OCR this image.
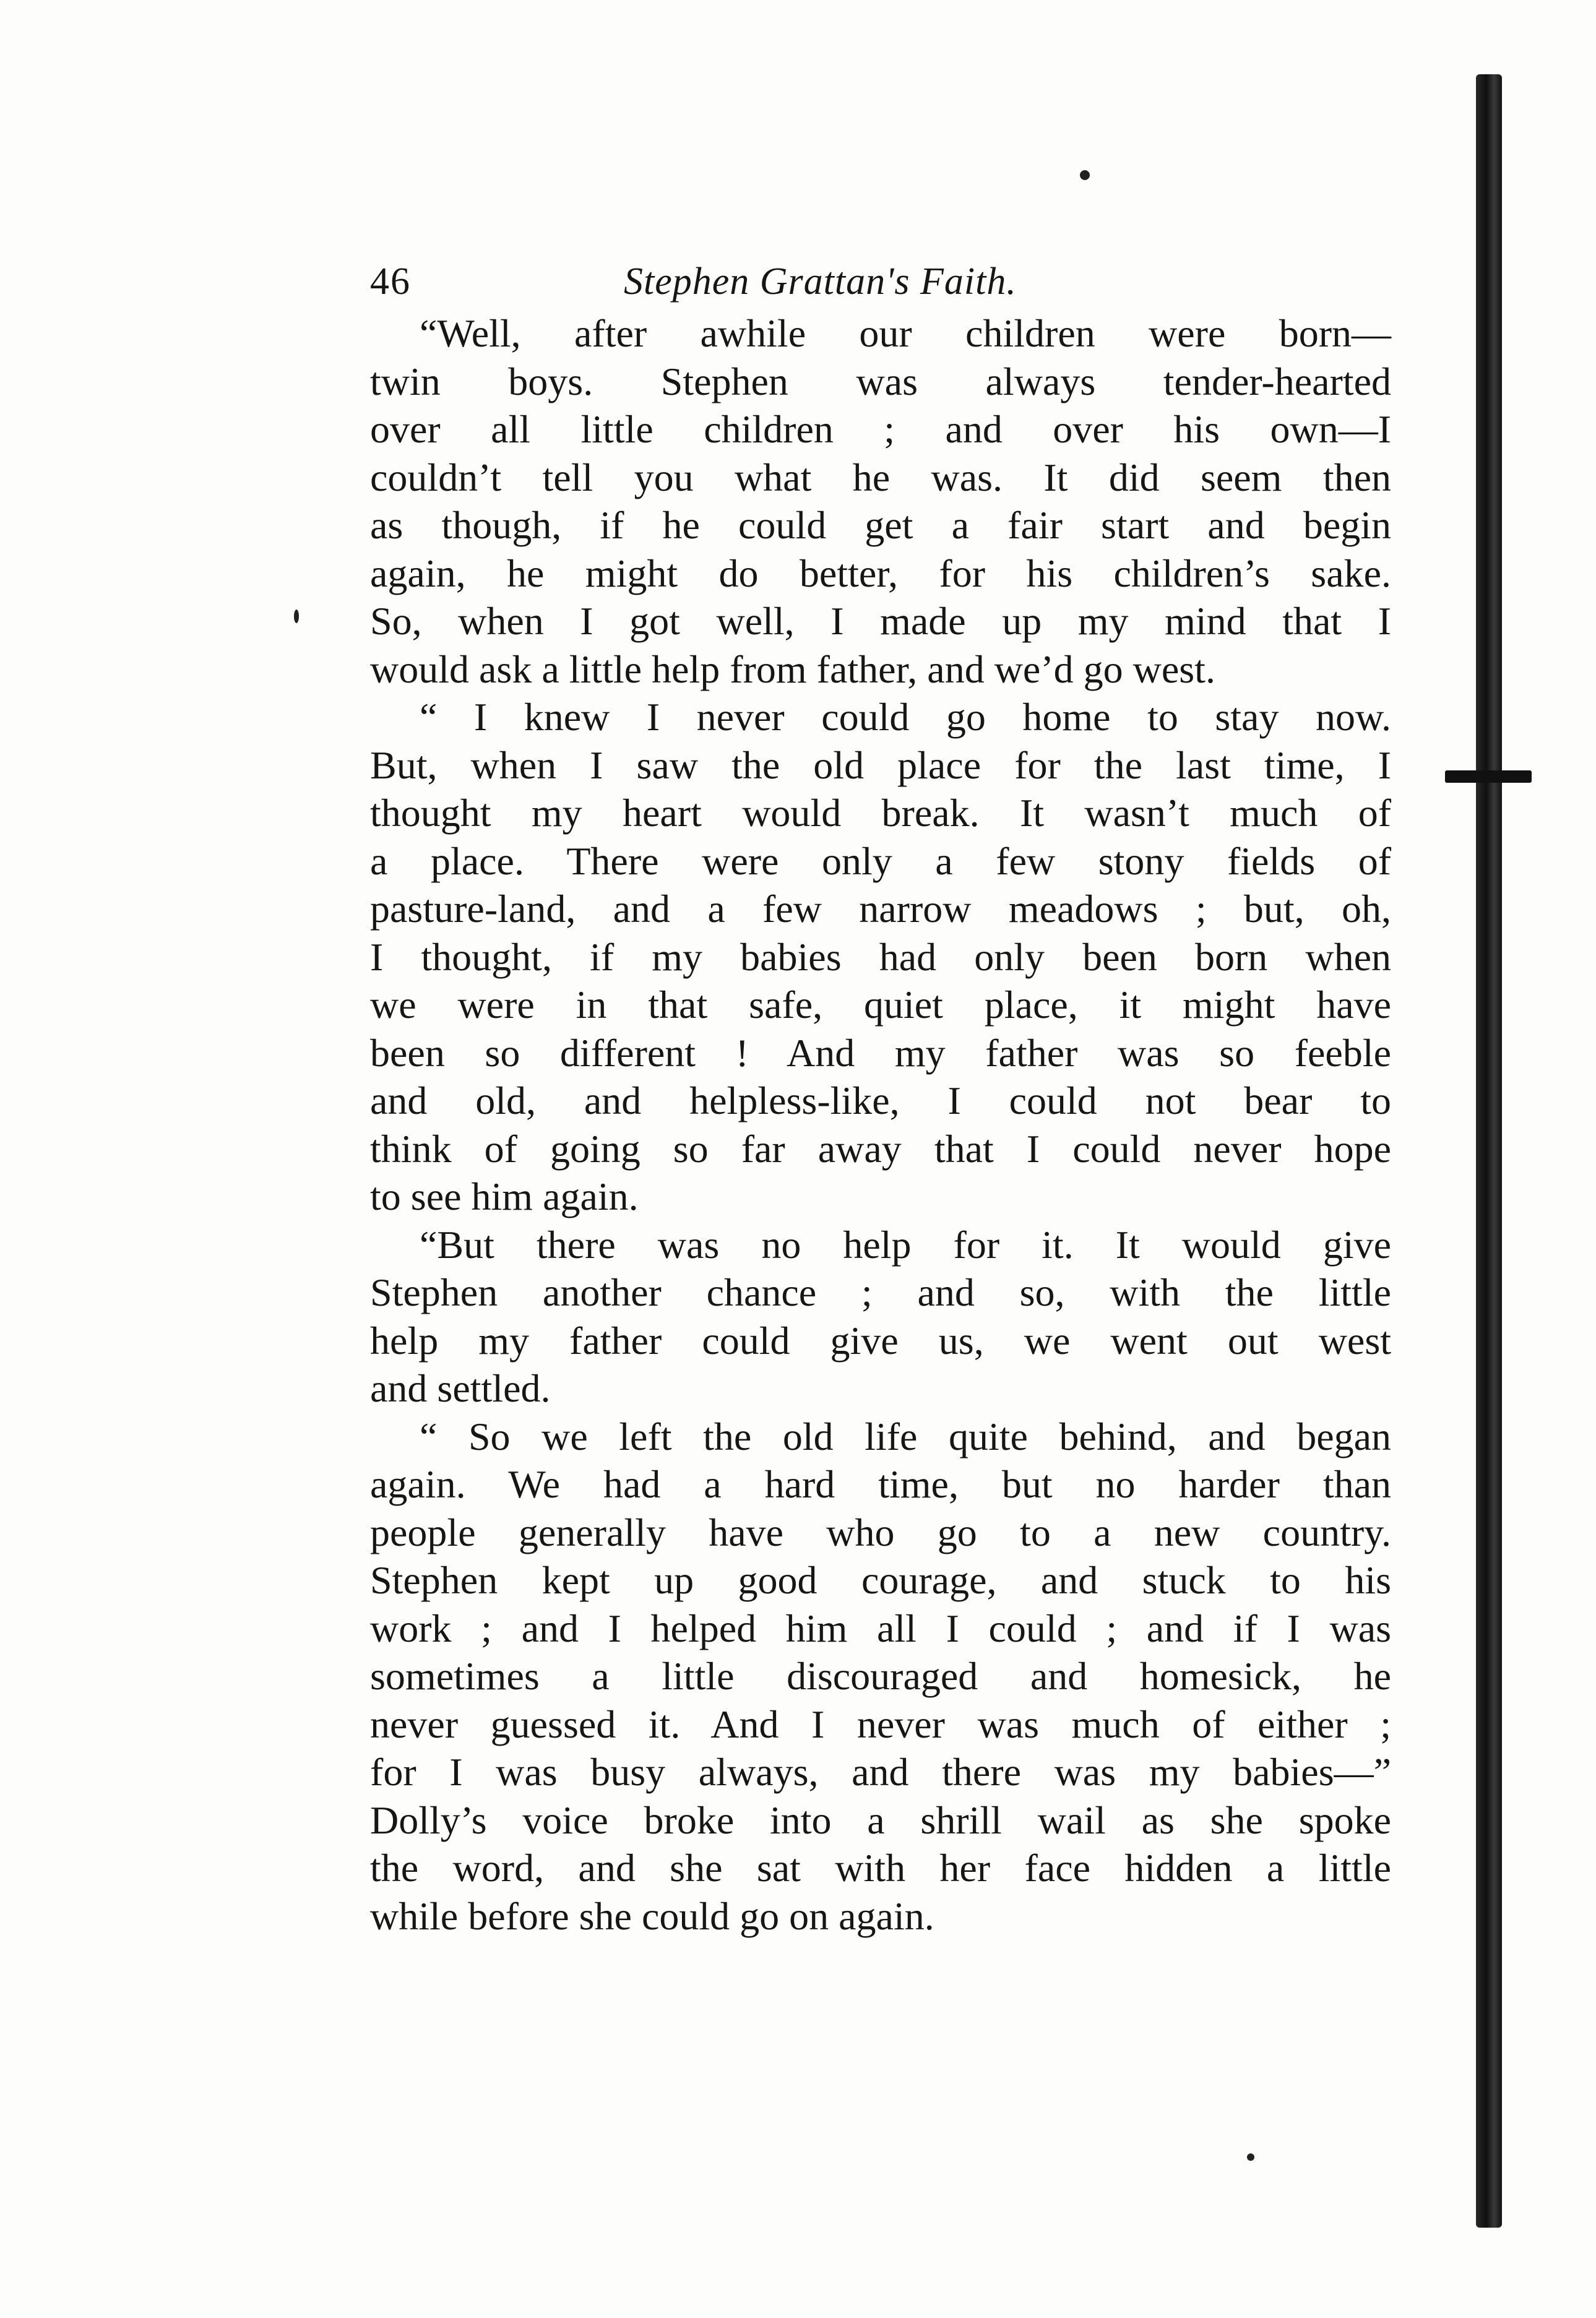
46	Stephen Grattan's Faith.
“Well, after awhile our children were born—
twin boys. Stephen was always tender-hearted
over all little children ; and over his own—I
couldn’t tell you what he was. It did seem then
as though, if he could get a fair start and begin
again, he might do better, for his children’s sake.
So, when I got well, I made up my mind that I
would ask a little help from father, and we’d go west.
“ I knew I never could go home to stay now.
But, when I saw the old place for the last time, I
thought my heart would break. It wasn’t much of
a place. There were only a few stony fields of
pasture-land, and a few narrow meadows ; but, oh,
I thought, if my babies had only been born when
we were in that safe, quiet place, it might have
been so different ! And my father was so feeble
and old, and helpless-like, I could not bear to
think of going so far away that I could never hope
to see him again.
“But there was no help for it. It would give
Stephen another chance ; and so, with the little
help my father could give us, we went out west
and settled.
“ So we left the old life quite behind, and began
again. We had a hard time, but no harder than
people generally have who go to a new country.
Stephen kept up good courage, and stuck to his
work ; and I helped him all I could ; and if I was
sometimes a little discouraged and homesick, he
never guessed it. And I never was much of either ;
for I was busy always, and there was my babies—”
Dolly’s voice broke into a shrill wail as she spoke
the word, and she sat with her face hidden a little
while before she could go on again.
